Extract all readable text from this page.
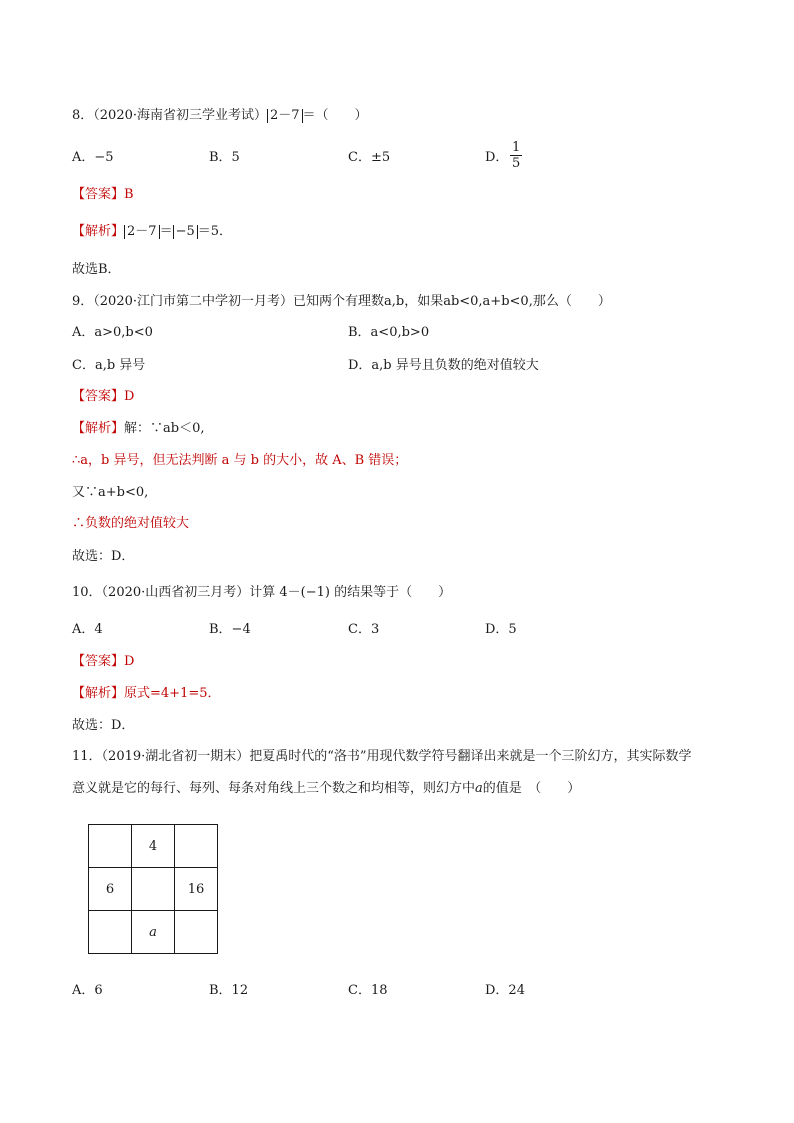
8．（2020·海南省初三学业考试） 2－7 ＝（　　）
A．−5	B．5	C．±5	D． $\frac{1}{5}$
【答案】B
【解析】 2－7 ＝ −5 ＝5．
故选B．
9．（2020·江门市第二中学初一月考）已知两个有理数a,b，如果ab<0,a+b<0,那么（　　）
A．a>0,b<0	B．a<0,b>0
C．a,b 异号	D．a,b 异号且负数的绝对值较大
【答案】D
【解析】解：∵ab＜0,
∴a，b 异号，但无法判断 a 与 b 的大小，故 A、B 错误；
又∵a+b<0,
∴负数的绝对值较大
故选：D．
10．（2020·山西省初三月考）计算 4－(−1) 的结果等于（　　）
A．4	B．−4	C．3	D．5
【答案】D
【解析】原式=4+1=5．
故选：D．
11．（2019·湖北省初一期末）把夏禹时代的“洛书”用现代数学符号翻译出来就是一个三阶幻方，其实际数学
意义就是它的每行、每列、每条对角线上三个数之和均相等，则幻方中a的值是　（　　）
	4	
6		16
	a	
A．6	B．12	C．18	D．24
